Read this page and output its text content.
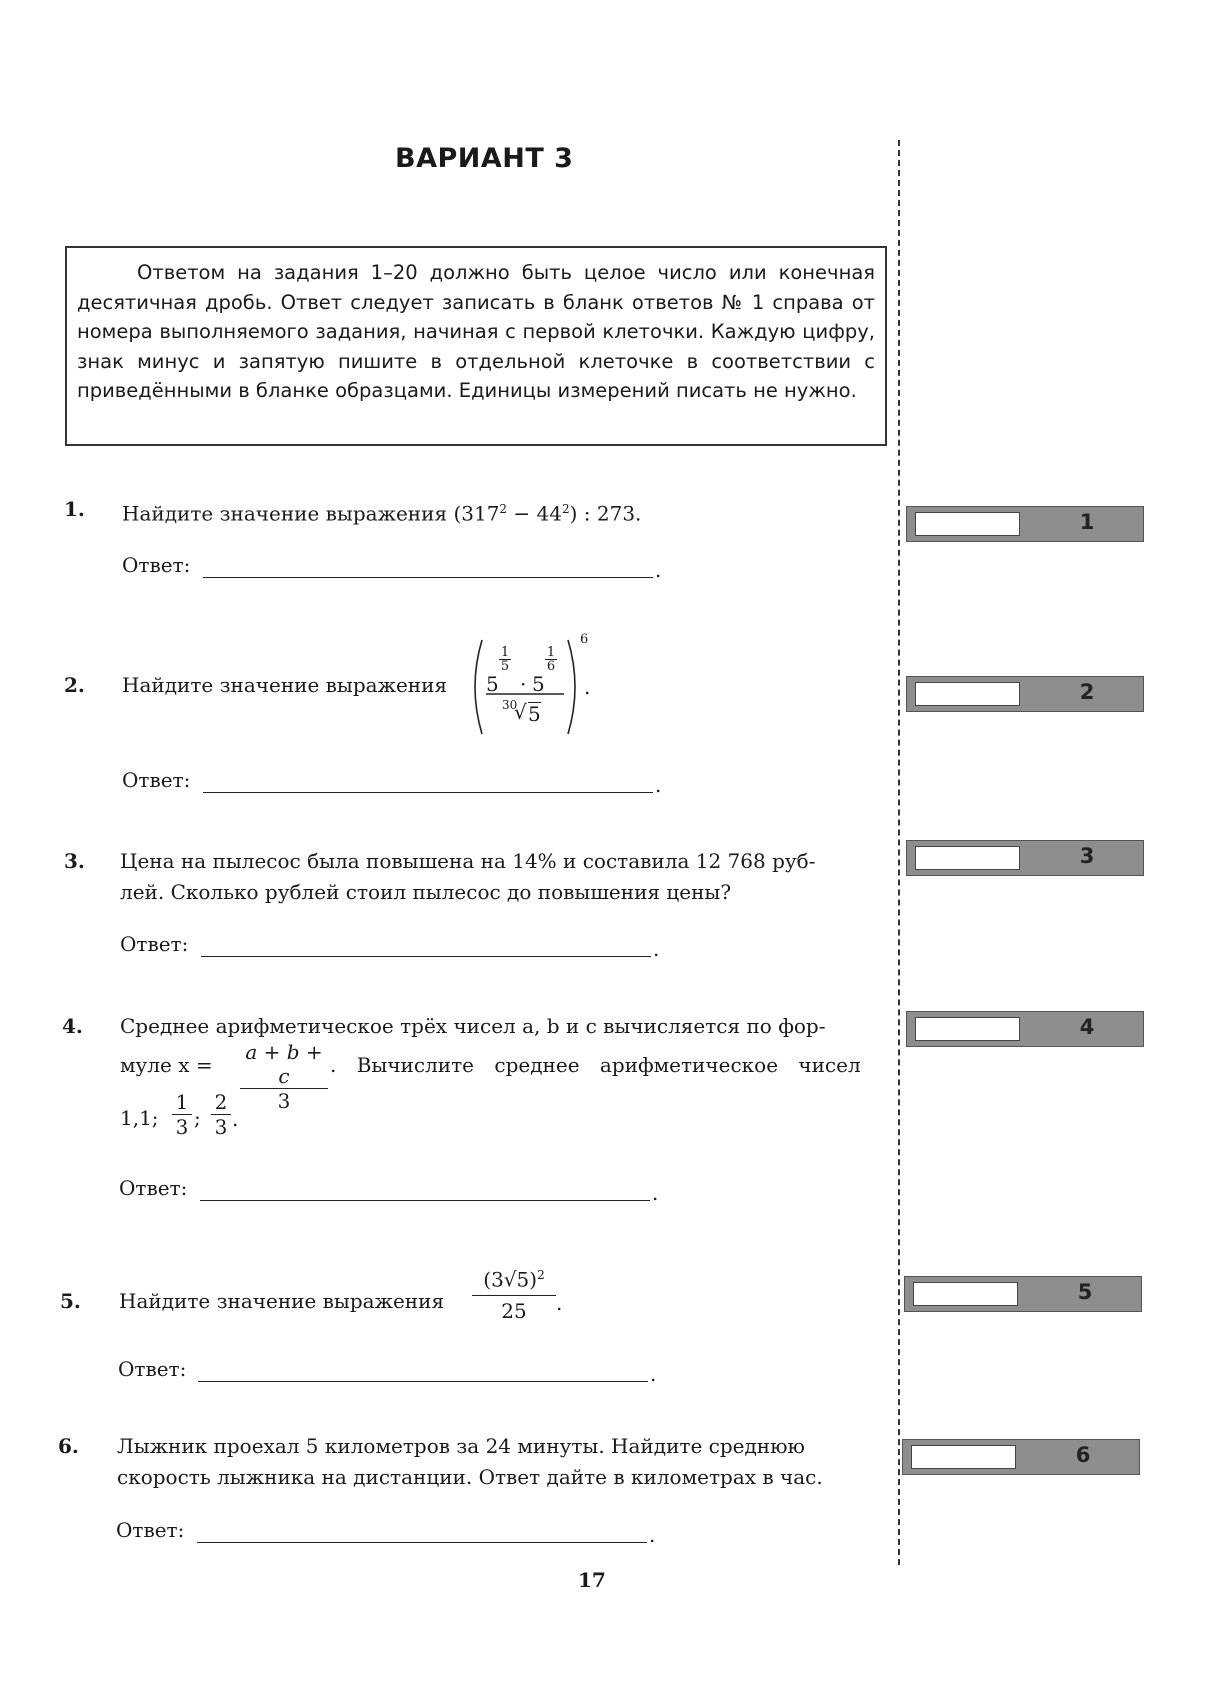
ВАРИАНТ 3

Ответом на задания 1–20 должно быть целое число или конечная десятичная дробь. Ответ следует записать в бланк ответов № 1 справа от номера выполняемого задания, начиная с первой клеточки. Каждую цифру, знак минус и запятую пишите в отдельной клеточке в соответствии с приведёнными в бланке образцами. Единицы измерений писать не нужно.

1. Найдите значение выражения $(317^2 - 44^2)$ : 273.
Ответ:	.
1
2. Найдите значение выражения 5
1
5
· 5
1
6
30
√ 5
6
.
Ответ:	.
2
3. Цена на пылесос была повышена на 14% и составила 12 768 руб-
лей. Сколько рублей стоил пылесос до повышения цены?
Ответ:	.
3
4. Среднее арифметическое трёх чисел a, b и c вычисляется по фор-
муле $x = \frac{a + b + c}{3}$ . Вычислите среднее арифметическое чисел
1,1; $\frac{1}{3}$ ; $\frac{2}{3}$ .
Ответ:	.
4
5. Найдите значение выражения $\frac{(3√5)^2}{25}$ .
Ответ:	.
5
6. Лыжник проехал 5 километров за 24 минуты. Найдите среднюю
скорость лыжника на дистанции. Ответ дайте в километрах в час.
Ответ:	.
6
17
